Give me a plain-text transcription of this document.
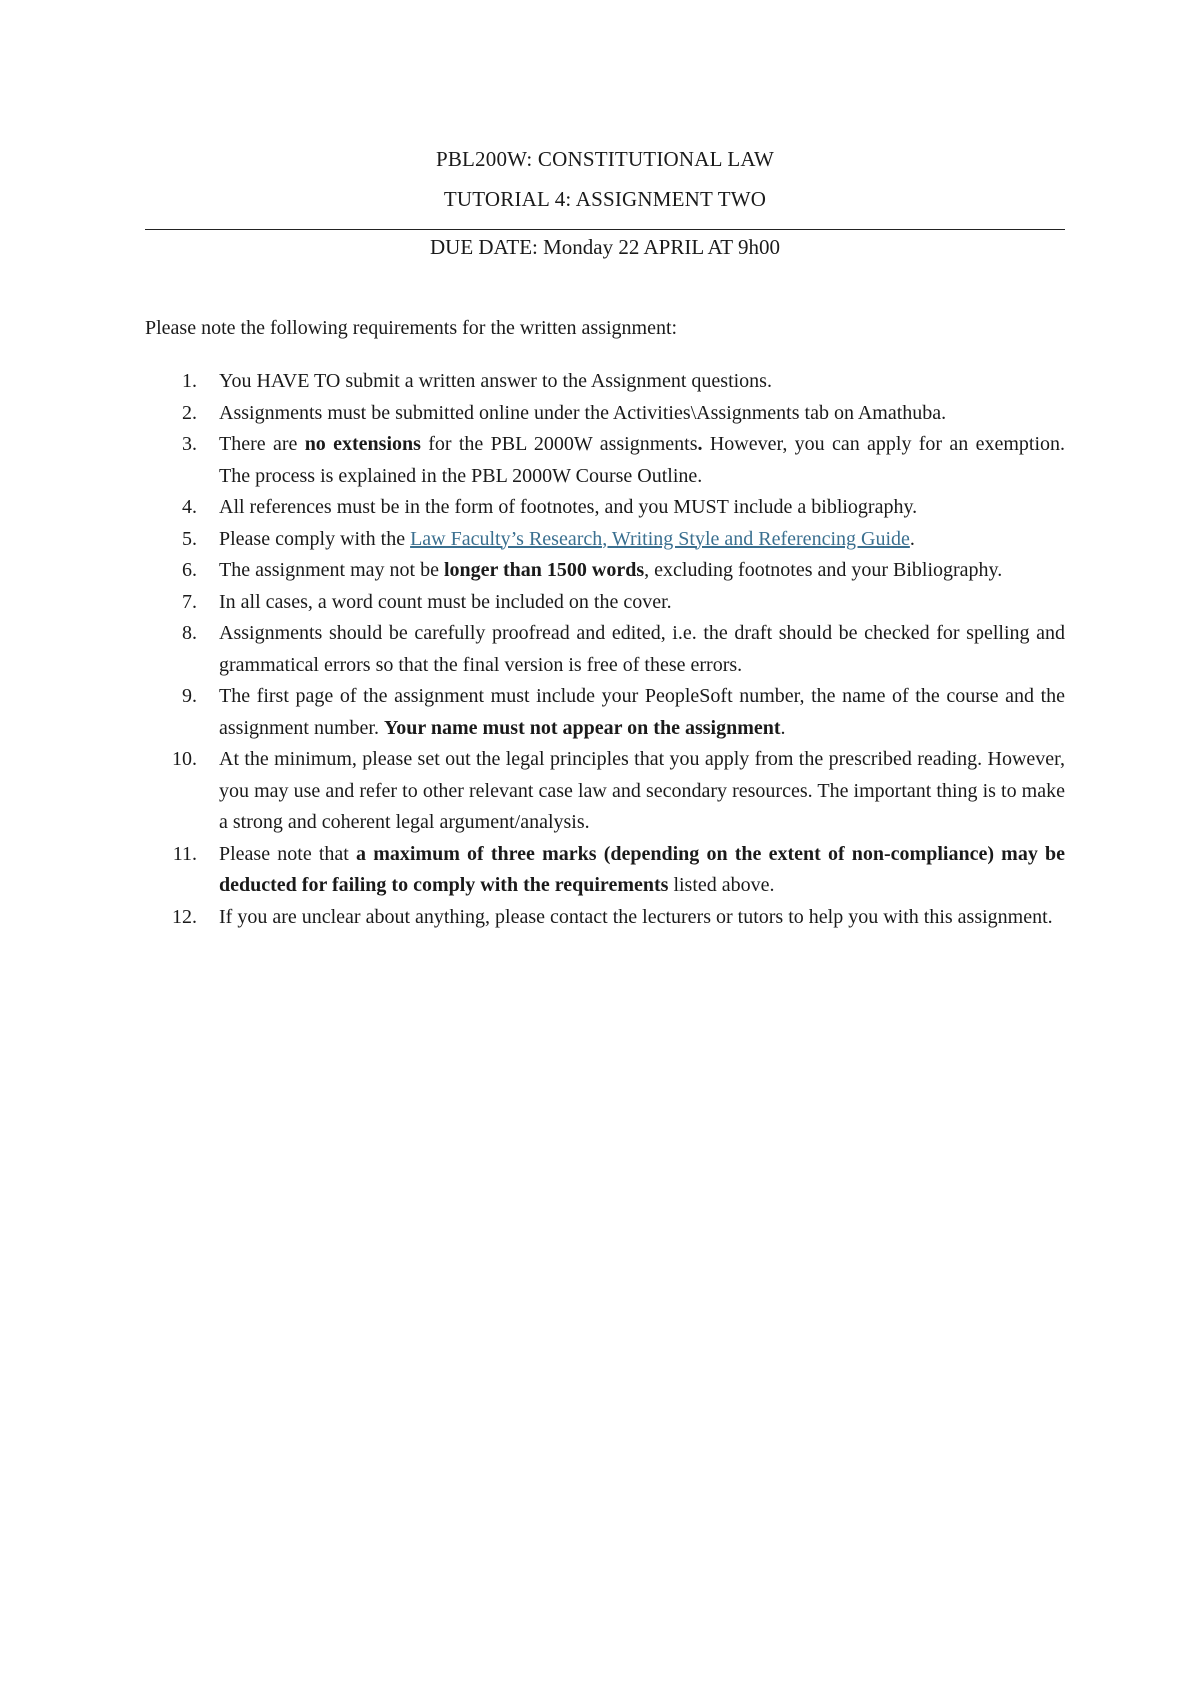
PBL200W: CONSTITUTIONAL LAW
TUTORIAL 4: ASSIGNMENT TWO
DUE DATE: Monday 22 APRIL AT 9h00
Please note the following requirements for the written assignment:
1. You HAVE TO submit a written answer to the Assignment questions.
2. Assignments must be submitted online under the Activities\Assignments tab on Amathuba.
3. There are no extensions for the PBL 2000W assignments. However, you can apply for an exemption. The process is explained in the PBL 2000W Course Outline.
4. All references must be in the form of footnotes, and you MUST include a bibliography.
5. Please comply with the Law Faculty’s Research, Writing Style and Referencing Guide.
6. The assignment may not be longer than 1500 words, excluding footnotes and your Bibliography.
7. In all cases, a word count must be included on the cover.
8. Assignments should be carefully proofread and edited, i.e. the draft should be checked for spelling and grammatical errors so that the final version is free of these errors.
9. The first page of the assignment must include your PeopleSoft number, the name of the course and the assignment number. Your name must not appear on the assignment.
10. At the minimum, please set out the legal principles that you apply from the prescribed reading. However, you may use and refer to other relevant case law and secondary resources. The important thing is to make a strong and coherent legal argument/analysis.
11. Please note that a maximum of three marks (depending on the extent of non-compliance) may be deducted for failing to comply with the requirements listed above.
12. If you are unclear about anything, please contact the lecturers or tutors to help you with this assignment.
